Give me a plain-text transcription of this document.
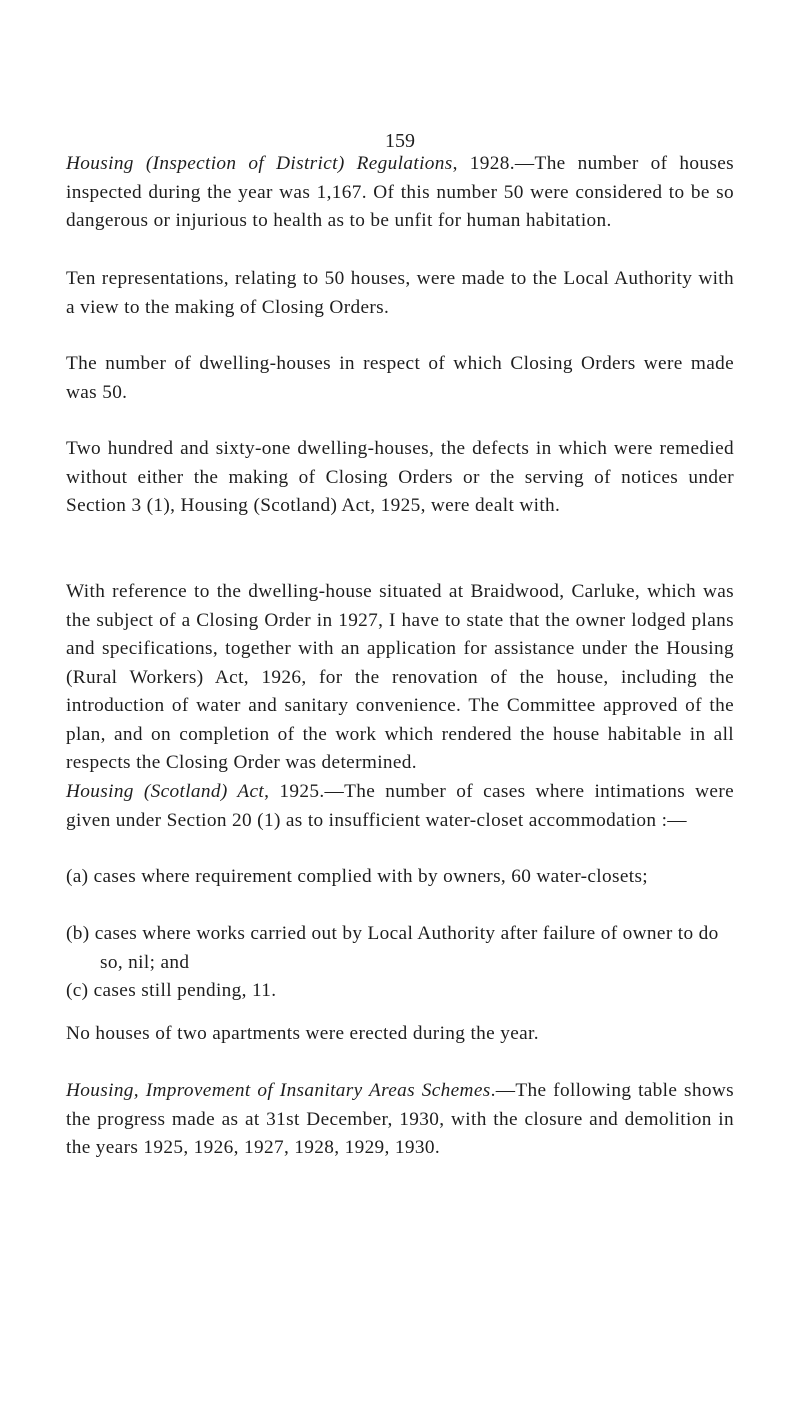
159

Housing (Inspection of District) Regulations, 1928.—The number of houses inspected during the year was 1,167. Of this number 50 were considered to be so dangerous or injurious to health as to be unfit for human habitation.

Ten representations, relating to 50 houses, were made to the Local Authority with a view to the making of Closing Orders.

The number of dwelling-houses in respect of which Closing Orders were made was 50.

Two hundred and sixty-one dwelling-houses, the defects in which were remedied without either the making of Closing Orders or the serving of notices under Section 3 (1), Housing (Scotland) Act, 1925, were dealt with.

With reference to the dwelling-house situated at Braidwood, Carluke, which was the subject of a Closing Order in 1927, I have to state that the owner lodged plans and specifications, together with an application for assistance under the Housing (Rural Workers) Act, 1926, for the renovation of the house, including the introduction of water and sanitary convenience. The Committee approved of the plan, and on completion of the work which rendered the house habitable in all respects the Closing Order was determined.

Housing (Scotland) Act, 1925.—The number of cases where intimations were given under Section 20 (1) as to insufficient water-closet accommodation :—

(a) cases where requirement complied with by owners, 60 water-closets;

(b) cases where works carried out by Local Authority after failure of owner to do so, nil; and

(c) cases still pending, 11.

No houses of two apartments were erected during the year.

Housing, Improvement of Insanitary Areas Schemes.—The following table shows the progress made as at 31st December, 1930, with the closure and demolition in the years 1925, 1926, 1927, 1928, 1929, 1930.
